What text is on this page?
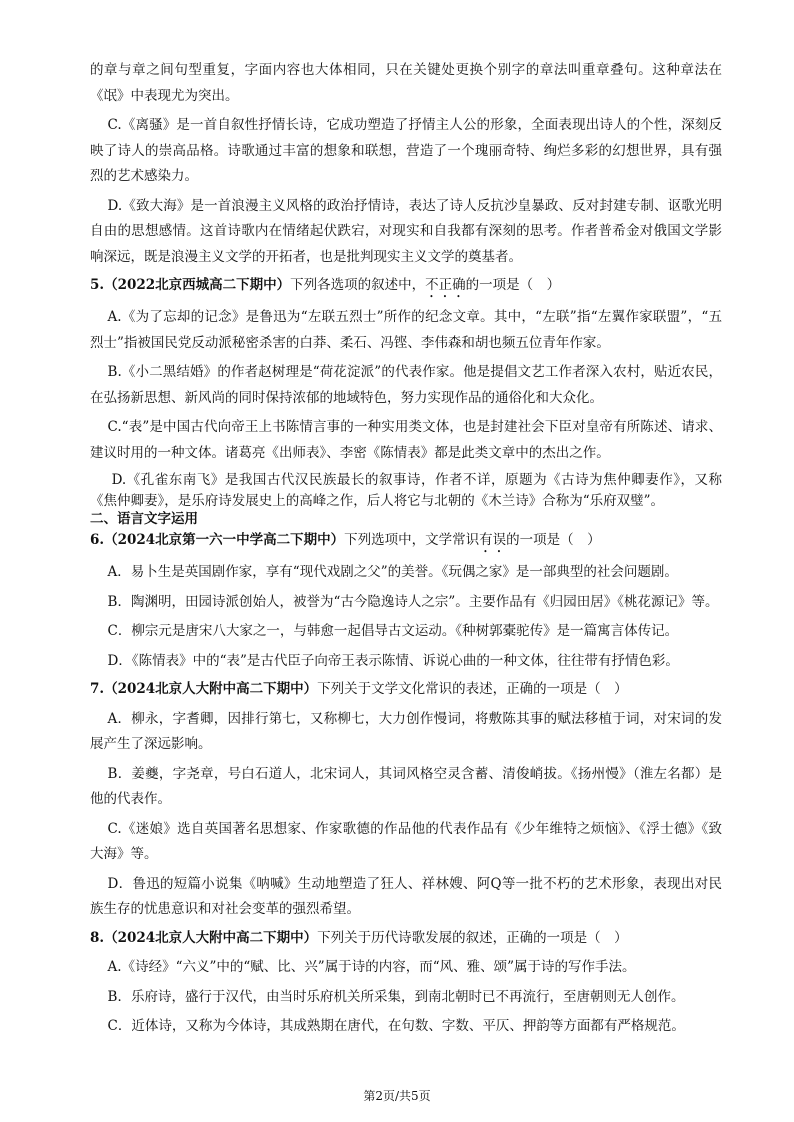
的章与章之间句型重复，字面内容也大体相同，只在关键处更换个别字的章法叫重章叠句。这种章法在《氓》中表现尤为突出。

C.《离骚》是一首自叙性抒情长诗，它成功塑造了抒情主人公的形象，全面表现出诗人的个性，深刻反映了诗人的崇高品格。诗歌通过丰富的想象和联想，营造了一个瑰丽奇特、绚烂多彩的幻想世界，具有强烈的艺术感染力。

D.《致大海》是一首浪漫主义风格的政治抒情诗，表达了诗人反抗沙皇暴政、反对封建专制、讴歌光明自由的思想感情。这首诗歌内在情绪起伏跌宕，对现实和自我都有深刻的思考。作者普希金对俄国文学影响深远，既是浪漫主义文学的开拓者，也是批判现实主义文学的奠基者。

5.（2022北京西城高二下期中）下列各选项的叙述中，不正确的一项是（　）

A.《为了忘却的记念》是鲁迅为“左联五烈士”所作的纪念文章。其中，“左联”指“左翼作家联盟”，“五烈士”指被国民党反动派秘密杀害的白莽、柔石、冯铿、李伟森和胡也频五位青年作家。

B.《小二黑结婚》的作者赵树理是“荷花淀派”的代表作家。他是提倡文艺工作者深入农村，贴近农民，在弘扬新思想、新风尚的同时保持浓郁的地域特色，努力实现作品的通俗化和大众化。

C.“表”是中国古代向帝王上书陈情言事的一种实用类文体，也是封建社会下臣对皇帝有所陈述、请求、建议时用的一种文体。诸葛亮《出师表》、李密《陈情表》都是此类文章中的杰出之作。

D.《孔雀东南飞》是我国古代汉民族最长的叙事诗，作者不详，原题为《古诗为焦仲卿妻作》，又称《焦仲卿妻》，是乐府诗发展史上的高峰之作，后人将它与北朝的《木兰诗》合称为“乐府双璧”。

二、语言文字运用

6.（2024北京第一六一中学高二下期中）下列选项中，文学常识有误的一项是（　）

A．易卜生是英国剧作家，享有“现代戏剧之父”的美誉。《玩偶之家》是一部典型的社会问题剧。

B．陶渊明，田园诗派创始人，被誉为“古今隐逸诗人之宗”。主要作品有《归园田居》《桃花源记》等。

C．柳宗元是唐宋八大家之一，与韩愈一起倡导古文运动。《种树郭橐驼传》是一篇寓言体传记。

D．《陈情表》中的“表”是古代臣子向帝王表示陈情、诉说心曲的一种文体，往往带有抒情色彩。

7.（2024北京人大附中高二下期中）下列关于文学文化常识的表述，正确的一项是（　）

A．柳永，字耆卿，因排行第七，又称柳七，大力创作慢词，将敷陈其事的赋法移植于词，对宋词的发展产生了深远影响。

B．姜夔，字尧章，号白石道人，北宋词人，其词风格空灵含蓄、清俊峭拔。《扬州慢》（淮左名都）是他的代表作。

C.《迷娘》选自英国著名思想家、作家歌德的作品他的代表作品有《少年维特之烦恼》、《浮士德》《致大海》等。

D．鲁迅的短篇小说集《呐喊》生动地塑造了狂人、祥林嫂、阿Q等一批不朽的艺术形象，表现出对民族生存的忧患意识和对社会变革的强烈希望。

8.（2024北京人大附中高二下期中）下列关于历代诗歌发展的叙述，正确的一项是（　）

A.《诗经》“六义”中的“赋、比、兴”属于诗的内容，而“风、雅、颂”属于诗的写作手法。

B．乐府诗，盛行于汉代，由当时乐府机关所采集，到南北朝时已不再流行，至唐朝则无人创作。

C．近体诗，又称为今体诗，其成熟期在唐代，在句数、字数、平仄、押韵等方面都有严格规范。

第2页/共5页
